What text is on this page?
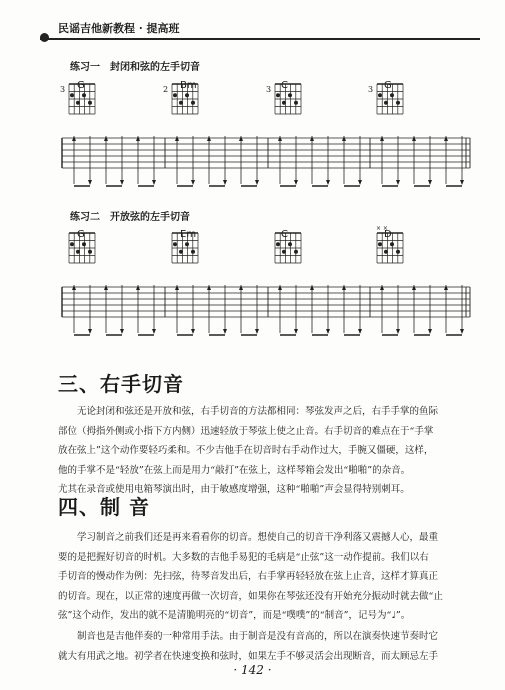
民谣吉他新教程 · 提高班
练习一 封闭和弦的左手切音
G	Bm	C	G
练习二 开放弦的左手切音
G	Em	C	D
3	2	3	3
× ×
三、右手切音
无论封闭和弦还是开放和弦，右手切音的方法都相同：琴弦发声之后，右手手掌的鱼际
部位（拇指外侧或小指下方内侧）迅速轻放于琴弦上使之止音。右手切音的难点在于“手掌
放在弦上”这个动作要轻巧柔和。不少吉他手在切音时右手动作过大，手腕又僵硬，这样，
他的手掌不是“轻放”在弦上而是用力“敲打”在弦上，这样琴箱会发出“啪啪”的杂音。
尤其在录音或使用电箱琴演出时，由于敏感度增强，这种“啪啪”声会显得特别刺耳。
四、制 音
学习制音之前我们还是再来看看你的切音。想使自己的切音干净利落又震撼人心，最重
要的是把握好切音的时机。大多数的吉他手易犯的毛病是“止弦”这一动作提前。我们以右
手切音的慢动作为例：先扫弦，待琴音发出后，右手掌再轻轻放在弦上止音，这样才算真正
的切音。现在，以正常的速度再做一次切音，如果你在琴弦还没有开始充分振动时就去做“止
弦”这个动作，发出的就不是清脆明亮的“切音”，而是“噗噗”的“制音”，记号为“♩”。
制音也是吉他伴奏的一种常用手法。由于制音是没有音高的，所以在演奏快速节奏时它
就大有用武之地。初学者在快速变换和弦时，如果左手不够灵活会出现断音，而太顾忌左手
· 142 ·
